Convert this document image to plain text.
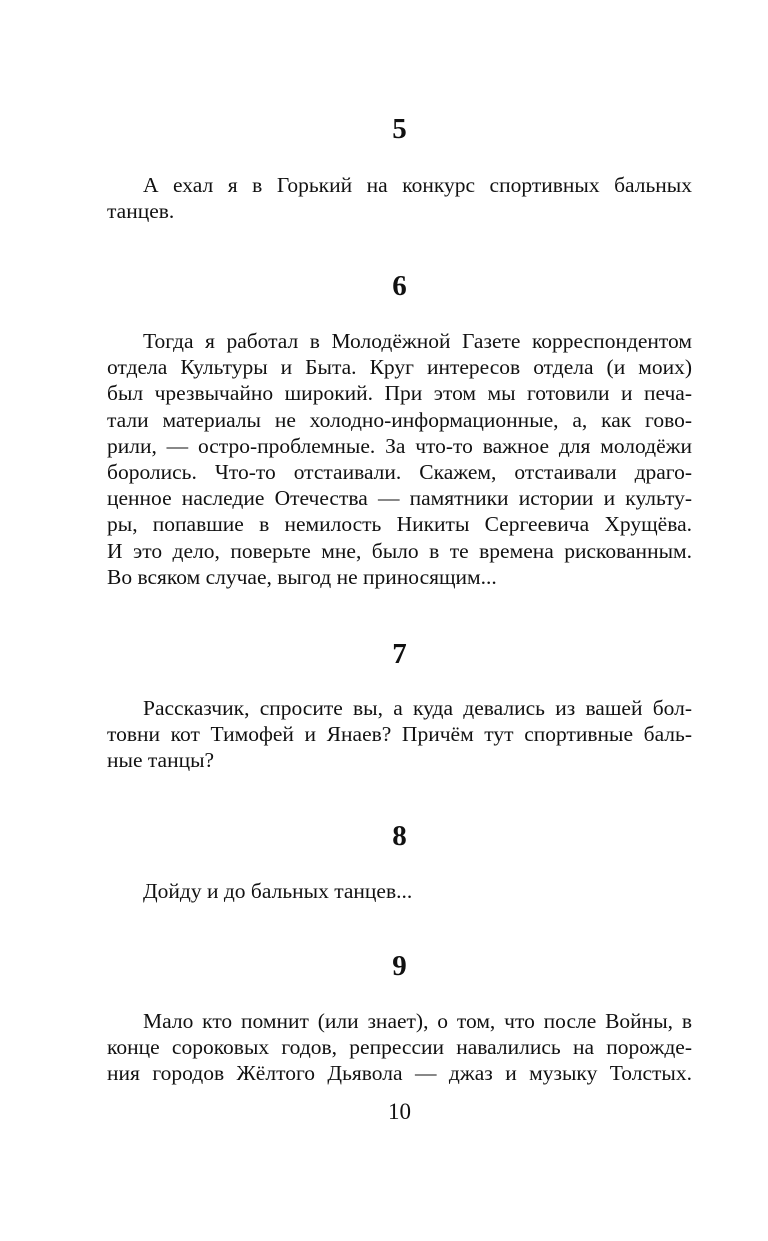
5
А ехал я в Горький на конкурс спортивных бальных
танцев.
6
Тогда я работал в Молодёжной Газете корреспондентом
отдела Культуры и Быта. Круг интересов отдела (и моих)
был чрезвычайно широкий. При этом мы готовили и печа-
тали материалы не холодно-информационные, а, как гово-
рили, — остро-проблемные. За что-то важное для молодёжи
боролись. Что-то отстаивали. Скажем, отстаивали драго-
ценное наследие Отечества — памятники истории и культу-
ры, попавшие в немилость Никиты Сергеевича Хрущёва.
И это дело, поверьте мне, было в те времена рискованным.
Во всяком случае, выгод не приносящим...
7
Рассказчик, спросите вы, а куда девались из вашей бол-
товни кот Тимофей и Янаев? Причём тут спортивные баль-
ные танцы?
8
Дойду и до бальных танцев...
9
Мало кто помнит (или знает), о том, что после Войны, в
конце сороковых годов, репрессии навалились на порожде-
ния городов Жёлтого Дьявола — джаз и музыку Толстых.
10
